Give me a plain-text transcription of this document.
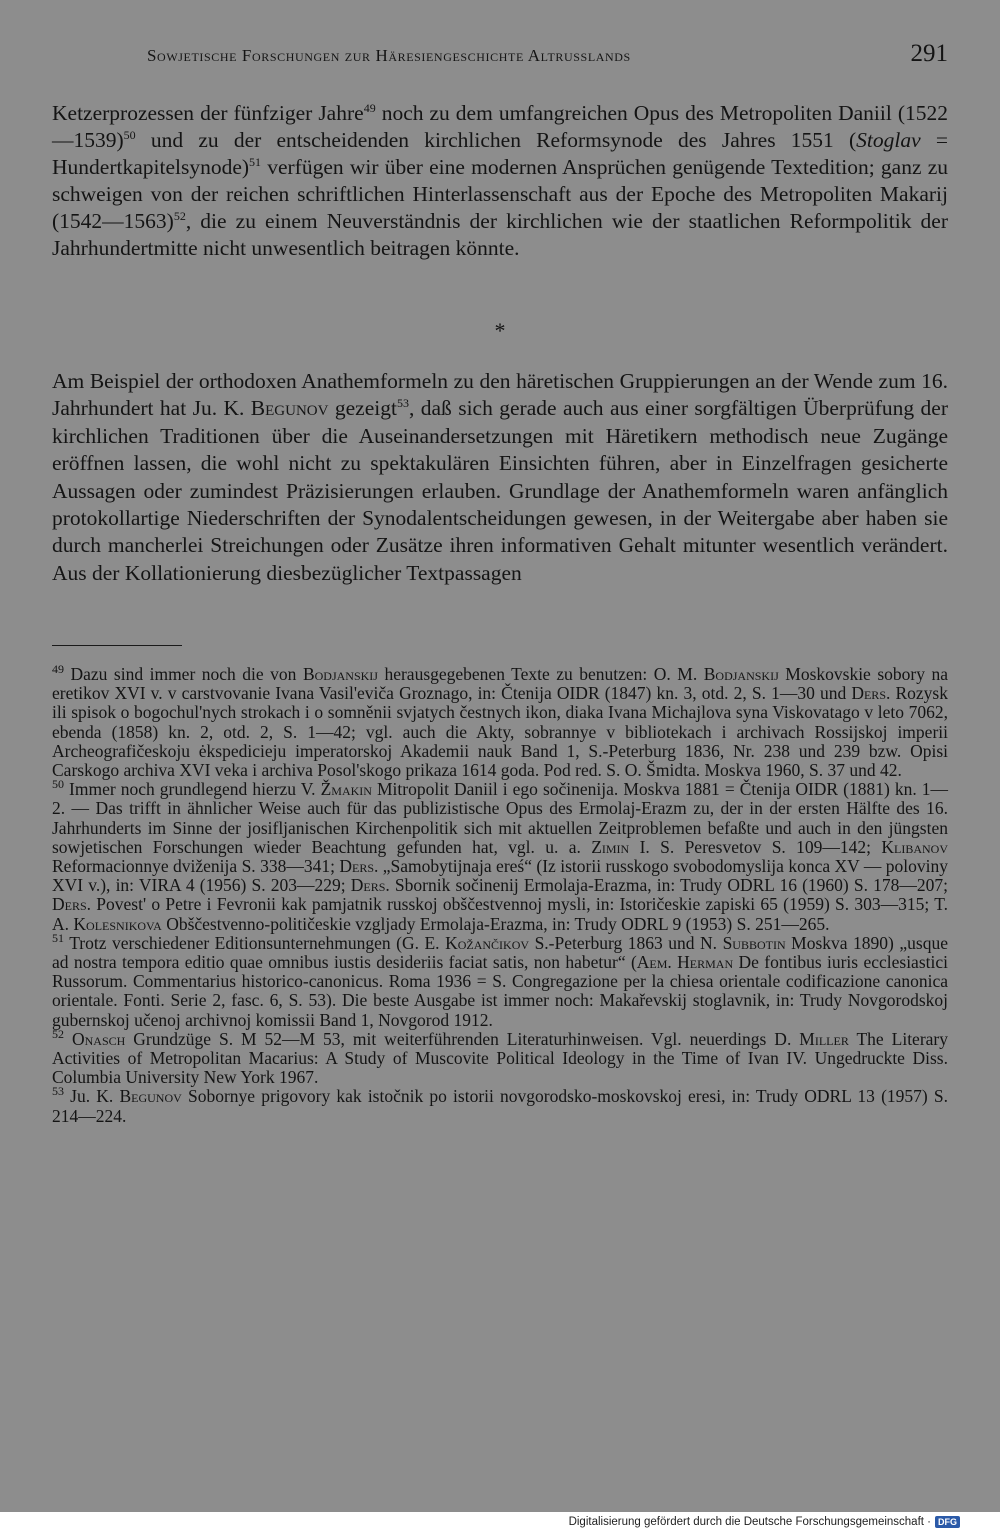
Sowjetische Forschungen zur Häresiengeschichte Altrusslands	291

Ketzerprozessen der fünfziger Jahre$^{49}$ noch zu dem umfangreichen Opus des Metropoliten Daniil (1522—1539)$^{50}$ und zu der entscheidenden kirchlichen Reformsynode des Jahres 1551 (Stoglav = Hundertkapitelsynode)$^{51}$ verfügen wir über eine modernen Ansprüchen genügende Textedition; ganz zu schweigen von der reichen schriftlichen Hinterlassenschaft aus der Epoche des Metropoliten Makarij (1542—1563)$^{52}$, die zu einem Neuverständnis der kirchlichen wie der staatlichen Reformpolitik der Jahrhundertmitte nicht unwesentlich beitragen könnte.

*
Am Beispiel der orthodoxen Anathemformeln zu den häretischen Gruppierungen an der Wende zum 16. Jahrhundert hat Ju. K. Begunov gezeigt$^{53}$, daß sich gerade auch aus einer sorgfältigen Überprüfung der kirchlichen Traditionen über die Auseinandersetzungen mit Häretikern methodisch neue Zugänge eröffnen lassen, die wohl nicht zu spektakulären Einsichten führen, aber in Einzelfragen gesicherte Aussagen oder zumindest Präzisierungen erlauben. Grundlage der Anathemformeln waren anfänglich protokollartige Niederschriften der Synodalentscheidungen gewesen, in der Weitergabe aber haben sie durch mancherlei Streichungen oder Zusätze ihren informativen Gehalt mitunter wesentlich verändert. Aus der Kollationierung diesbezüglicher Textpassagen

$^{49}$ Dazu sind immer noch die von Bodjanskij herausgegebenen Texte zu benutzen: O. M. Bodjanskij Moskovskie sobory na eretikov XVI v. v carstvovanie Ivana Vasil'eviča Groznago, in: Čtenija OIDR (1847) kn. 3, otd. 2, S. 1—30 und Ders. Rozysk ili spisok o bogochul'nych strokach i o somněnii svjatych čestnych ikon, diaka Ivana Michajlova syna Viskovatago v leto 7062, ebenda (1858) kn. 2, otd. 2, S. 1—42; vgl. auch die Akty, sobrannye v bibliotekach i archivach Rossijskoj imperii Archeografičeskoju ėkspedicieju imperatorskoj Akademii nauk Band 1, S.-Peterburg 1836, Nr. 238 und 239 bzw. Opisi Carskogo archiva XVI veka i archiva Posol'skogo prikaza 1614 goda. Pod red. S. O. Šmidta. Moskva 1960, S. 37 und 42.

$^{50}$ Immer noch grundlegend hierzu V. Žmakin Mitropolit Daniil i ego sočinenija. Moskva 1881 = Čtenija OIDR (1881) kn. 1—2. — Das trifft in ähnlicher Weise auch für das publizistische Opus des Ermolaj-Erazm zu, der in der ersten Hälfte des 16. Jahrhunderts im Sinne der josifljanischen Kirchenpolitik sich mit aktuellen Zeitproblemen befaßte und auch in den jüngsten sowjetischen Forschungen wieder Beachtung gefunden hat, vgl. u. a. Zimin I. S. Peresvetov S. 109—142; Klibanov Reformacionnye dviženija S. 338—341; Ders. „Samobytijnaja ereś“ (Iz istorii russkogo svobodomyslija konca XV — poloviny XVI v.), in: VIRA 4 (1956) S. 203—229; Ders. Sbornik sočinenij Ermolaja-Erazma, in: Trudy ODRL 16 (1960) S. 178—207; Ders. Povest' o Petre i Fevronii kak pamjatnik russkoj obščestvennoj mysli, in: Istoričeskie zapiski 65 (1959) S. 303—315; T. A. Kolesnikova Obščestvenno-političeskie vzgljady Ermolaja-Erazma, in: Trudy ODRL 9 (1953) S. 251—265.

$^{51}$ Trotz verschiedener Editionsunternehmungen (G. E. Kožančikov S.-Peterburg 1863 und N. Subbotin Moskva 1890) „usque ad nostra tempora editio quae omnibus iustis desideriis faciat satis, non habetur“ (Aem. Herman De fontibus iuris ecclesiastici Russorum. Commentarius historico-canonicus. Roma 1936 = S. Congregazione per la chiesa orientale codificazione canonica orientale. Fonti. Serie 2, fasc. 6, S. 53). Die beste Ausgabe ist immer noch: Makařevskij stoglavnik, in: Trudy Novgorodskoj gubernskoj učenoj archivnoj komissii Band 1, Novgorod 1912.

$^{52}$ Onasch Grundzüge S. M 52—M 53, mit weiterführenden Literaturhinweisen. Vgl. neuerdings D. Miller The Literary Activities of Metropolitan Macarius: A Study of Muscovite Political Ideology in the Time of Ivan IV. Ungedruckte Diss. Columbia University New York 1967.

$^{53}$ Ju. K. Begunov Sobornye prigovory kak istočnik po istorii novgorodsko-moskovskoj eresi, in: Trudy ODRL 13 (1957) S. 214—224.

Digitalisierung gefördert durch die Deutsche Forschungsgemeinschaft · DFG
